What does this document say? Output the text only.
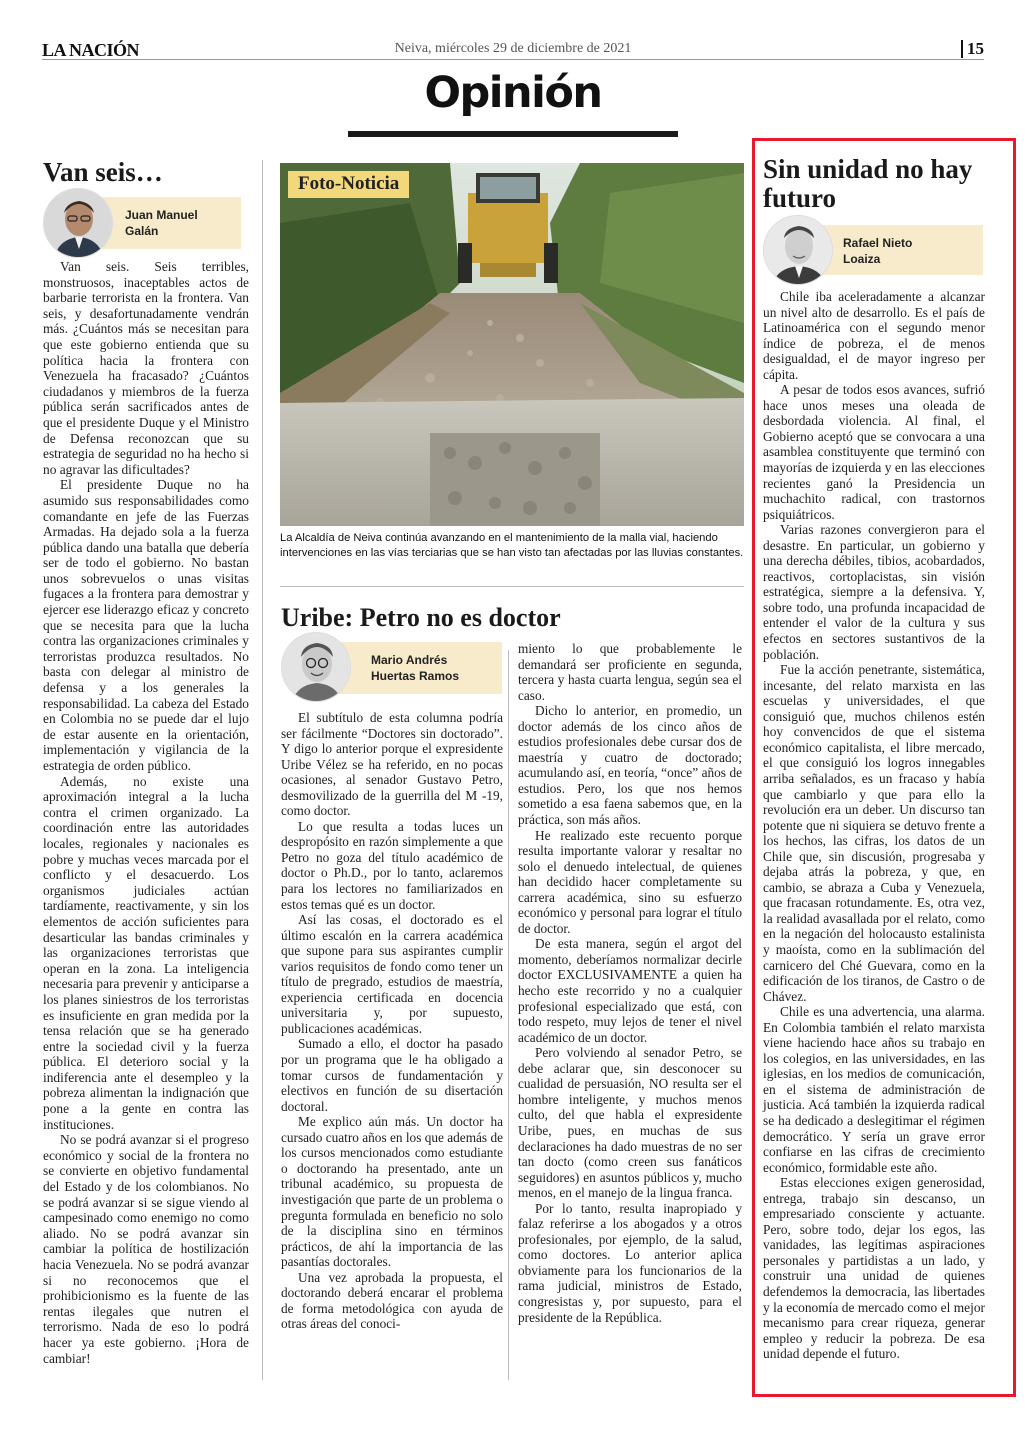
LA NACIÓN	Neiva, miércoles 29 de diciembre de 2021	15
Opinión
Van seis…
Juan Manuel
Galán

Van seis. Seis terribles, monstruosos, inaceptables actos de barbarie terrorista en la frontera. Van seis, y desafortunadamente vendrán más. ¿Cuántos más se necesitan para que este gobierno entienda que su política hacia la frontera con Venezuela ha fracasado? ¿Cuántos ciudadanos y miembros de la fuerza pública serán sacrificados antes de que el presidente Duque y el Ministro de Defensa reconozcan que su estrategia de seguridad no ha hecho si no agravar las dificultades?

El presidente Duque no ha asumido sus responsabilidades como comandante en jefe de las Fuerzas Armadas. Ha dejado sola a la fuerza pública dando una batalla que debería ser de todo el gobierno. No bastan unos sobrevuelos o unas visitas fugaces a la frontera para demostrar y ejercer ese liderazgo eficaz y concreto que se necesita para que la lucha contra las organizaciones criminales y terroristas produzca resultados. No basta con delegar al ministro de defensa y a los generales la responsabilidad. La cabeza del Estado en Colombia no se puede dar el lujo de estar ausente en la orientación, implementación y vigilancia de la estrategia de orden público.

Además, no existe una aproximación integral a la lucha contra el crimen organizado. La coordinación entre las autoridades locales, regionales y nacionales es pobre y muchas veces marcada por el conflicto y el desacuerdo. Los organismos judiciales actúan tardíamente, reactivamente, y sin los elementos de acción suficientes para desarticular las bandas criminales y las organizaciones terroristas que operan en la zona. La inteligencia necesaria para prevenir y anticiparse a los planes siniestros de los terroristas es insuficiente en gran medida por la tensa relación que se ha generado entre la sociedad civil y la fuerza pública. El deterioro social y la indiferencia ante el desempleo y la pobreza alimentan la indignación que pone a la gente en contra las instituciones.

No se podrá avanzar si el progreso económico y social de la frontera no se convierte en objetivo fundamental del Estado y de los colombianos. No se podrá avanzar si se sigue viendo al campesinado como enemigo no como aliado. No se podrá avanzar sin cambiar la política de hostilización hacia Venezuela. No se podrá avanzar si no reconocemos que el prohibicionismo es la fuente de las rentas ilegales que nutren el terrorismo. Nada de eso lo podrá hacer ya este gobierno. ¡Hora de cambiar!

Foto-Noticia
La Alcaldía de Neiva continúa avanzando en el mantenimiento de la malla vial, haciendo intervenciones en las vías terciarias que se han visto tan afectadas por las lluvias constantes.
Uribe: Petro no es doctor
Mario Andrés
Huertas Ramos

El subtítulo de esta columna podría ser fácilmente “Doctores sin doctorado”. Y digo lo anterior porque el expresidente Uribe Vélez se ha referido, en no pocas ocasiones, al senador Gustavo Petro, desmovilizado de la guerrilla del M -19, como doctor.

Lo que resulta a todas luces un despropósito en razón simplemente a que Petro no goza del título académico de doctor o Ph.D., por lo tanto, aclaremos para los lectores no familiarizados en estos temas qué es un doctor.

Así las cosas, el doctorado es el último escalón en la carrera académica que supone para sus aspirantes cumplir varios requisitos de fondo como tener un título de pregrado, estudios de maestría, experiencia certificada en docencia universitaria y, por supuesto, publicaciones académicas.

Sumado a ello, el doctor ha pasado por un programa que le ha obligado a tomar cursos de fundamentación y electivos en función de su disertación doctoral.

Me explico aún más. Un doctor ha cursado cuatro años en los que además de los cursos mencionados como estudiante o doctorando ha presentado, ante un tribunal académico, su propuesta de investigación que parte de un problema o pregunta formulada en beneficio no solo de la disciplina sino en términos prácticos, de ahí la importancia de las pasantías doctorales.

Una vez aprobada la propuesta, el doctorando deberá encarar el problema de forma metodológica con ayuda de otras áreas del conoci-

miento lo que probablemente le demandará ser proficiente en segunda, tercera y hasta cuarta lengua, según sea el caso.

Dicho lo anterior, en promedio, un doctor además de los cinco años de estudios profesionales debe cursar dos de maestría y cuatro de doctorado; acumulando así, en teoría, “once” años de estudios. Pero, los que nos hemos sometido a esa faena sabemos que, en la práctica, son más años.

He realizado este recuento porque resulta importante valorar y resaltar no solo el denuedo intelectual, de quienes han decidido hacer completamente su carrera académica, sino su esfuerzo económico y personal para lograr el título de doctor.

De esta manera, según el argot del momento, deberíamos normalizar decirle doctor EXCLUSIVAMENTE a quien ha hecho este recorrido y no a cualquier profesional especializado que está, con todo respeto, muy lejos de tener el nivel académico de un doctor.

Pero volviendo al senador Petro, se debe aclarar que, sin desconocer su cualidad de persuasión, NO resulta ser el hombre inteligente, y muchos menos culto, del que habla el expresidente Uribe, pues, en muchas de sus declaraciones ha dado muestras de no ser tan docto (como creen sus fanáticos seguidores) en asuntos públicos y, mucho menos, en el manejo de la lingua franca.

Por lo tanto, resulta inapropiado y falaz referirse a los abogados y a otros profesionales, por ejemplo, de la salud, como doctores. Lo anterior aplica obviamente para los funcionarios de la rama judicial, ministros de Estado, congresistas y, por supuesto, para el presidente de la República.

Sin unidad no hay futuro
Rafael Nieto
Loaiza

Chile iba aceleradamente a alcanzar un nivel alto de desarrollo. Es el país de Latinoamérica con el segundo menor índice de pobreza, el de menos desigualdad, el de mayor ingreso per cápita.

A pesar de todos esos avances, sufrió hace unos meses una oleada de desbordada violencia. Al final, el Gobierno aceptó que se convocara a una asamblea constituyente que terminó con mayorías de izquierda y en las elecciones recientes ganó la Presidencia un muchachito radical, con trastornos psiquiátricos.

Varias razones convergieron para el desastre. En particular, un gobierno y una derecha débiles, tibios, acobardados, reactivos, cortoplacistas, sin visión estratégica, siempre a la defensiva. Y, sobre todo, una profunda incapacidad de entender el valor de la cultura y sus efectos en sectores sustantivos de la población.

Fue la acción penetrante, sistemática, incesante, del relato marxista en las escuelas y universidades, el que consiguió que, muchos chilenos estén hoy convencidos de que el sistema económico capitalista, el libre mercado, el que consiguió los logros innegables arriba señalados, es un fracaso y había que cambiarlo y que para ello la revolución era un deber. Un discurso tan potente que ni siquiera se detuvo frente a los hechos, las cifras, los datos de un Chile que, sin discusión, progresaba y dejaba atrás la pobreza, y que, en cambio, se abraza a Cuba y Venezuela, que fracasan rotundamente. Es, otra vez, la realidad avasallada por el relato, como en la negación del holocausto estalinista y maoísta, como en la sublimación del carnicero del Ché Guevara, como en la edificación de los tiranos, de Castro o de Chávez.

Chile es una advertencia, una alarma. En Colombia también el relato marxista viene haciendo hace años su trabajo en los colegios, en las universidades, en las iglesias, en los medios de comunicación, en el sistema de administración de justicia. Acá también la izquierda radical se ha dedicado a deslegitimar el régimen democrático. Y sería un grave error confiarse en las cifras de crecimiento económico, formidable este año.

Estas elecciones exigen generosidad, entrega, trabajo sin descanso, un empresariado consciente y actuante. Pero, sobre todo, dejar los egos, las vanidades, las legítimas aspiraciones personales y partidistas a un lado, y construir una unidad de quienes defendemos la democracia, las libertades y la economía de mercado como el mejor mecanismo para crear riqueza, generar empleo y reducir la pobreza. De esa unidad depende el futuro.
